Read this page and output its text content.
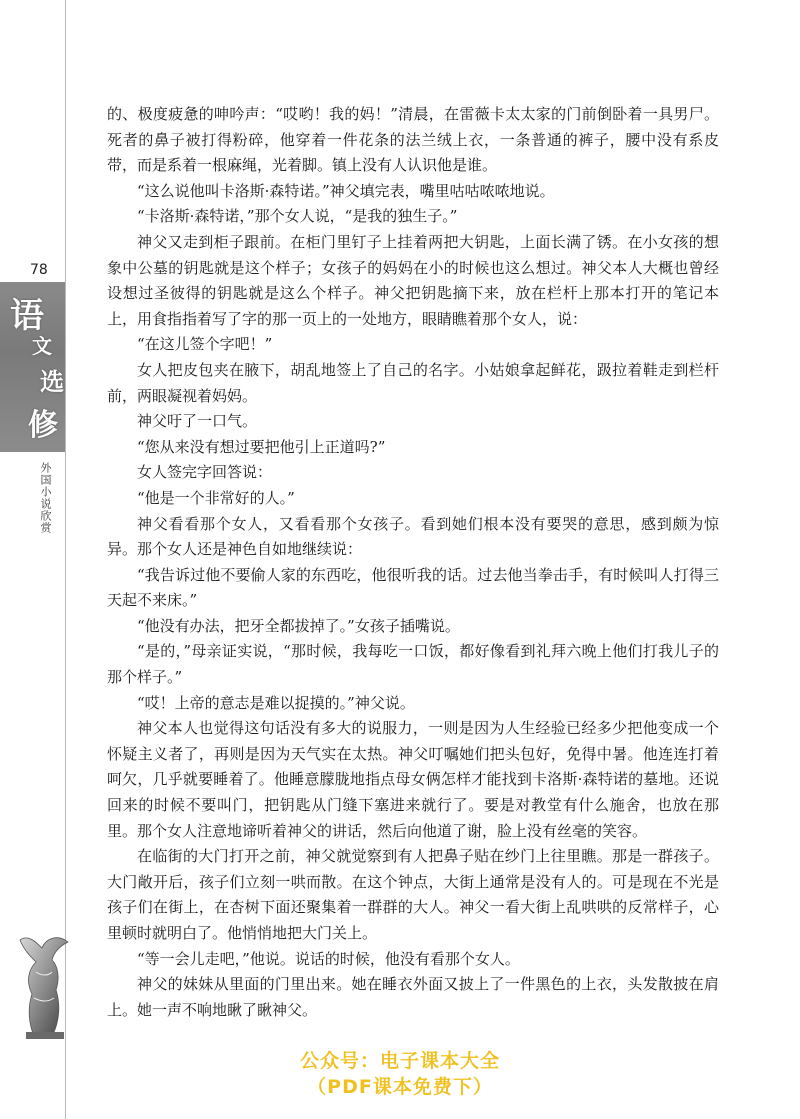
78
语
文
选
修
外国小说欣赏

的、极度疲惫的呻吟声：“哎哟！我的妈！”清晨，在雷薇卡太太家的门前倒卧着一具男尸。死者的鼻子被打得粉碎，他穿着一件花条的法兰绒上衣，一条普通的裤子，腰中没有系皮带，而是系着一根麻绳，光着脚。镇上没有人认识他是谁。

“这么说他叫卡洛斯·森特诺。”神父填完表，嘴里咕咕哝哝地说。

“卡洛斯·森特诺，”那个女人说，“是我的独生子。”

神父又走到柜子跟前。在柜门里钉子上挂着两把大钥匙，上面长满了锈。在小女孩的想象中公墓的钥匙就是这个样子；女孩子的妈妈在小的时候也这么想过。神父本人大概也曾经设想过圣彼得的钥匙就是这么个样子。神父把钥匙摘下来，放在栏杆上那本打开的笔记本上，用食指指着写了字的那一页上的一处地方，眼睛瞧着那个女人，说：

“在这儿签个字吧！”

女人把皮包夹在腋下，胡乱地签上了自己的名字。小姑娘拿起鲜花，趿拉着鞋走到栏杆前，两眼凝视着妈妈。

神父吁了一口气。

“您从来没有想过要把他引上正道吗?”

女人签完字回答说：

“他是一个非常好的人。”

神父看看那个女人，又看看那个女孩子。看到她们根本没有要哭的意思，感到颇为惊异。那个女人还是神色自如地继续说：

“我告诉过他不要偷人家的东西吃，他很听我的话。过去他当拳击手，有时候叫人打得三天起不来床。”

“他没有办法，把牙全都拔掉了。”女孩子插嘴说。

“是的，”母亲证实说，“那时候，我每吃一口饭，都好像看到礼拜六晚上他们打我儿子的那个样子。”

“哎！上帝的意志是难以捉摸的。”神父说。

神父本人也觉得这句话没有多大的说服力，一则是因为人生经验已经多少把他变成一个怀疑主义者了，再则是因为天气实在太热。神父叮嘱她们把头包好，免得中暑。他连连打着呵欠，几乎就要睡着了。他睡意朦胧地指点母女俩怎样才能找到卡洛斯·森特诺的墓地。还说回来的时候不要叫门，把钥匙从门缝下塞进来就行了。要是对教堂有什么施舍，也放在那里。那个女人注意地谛听着神父的讲话，然后向他道了谢，脸上没有丝毫的笑容。

在临街的大门打开之前，神父就觉察到有人把鼻子贴在纱门上往里瞧。那是一群孩子。大门敞开后，孩子们立刻一哄而散。在这个钟点，大街上通常是没有人的。可是现在不光是孩子们在街上，在杏树下面还聚集着一群群的大人。神父一看大街上乱哄哄的反常样子，心里顿时就明白了。他悄悄地把大门关上。

“等一会儿走吧，”他说。说话的时候，他没有看那个女人。

神父的妹妹从里面的门里出来。她在睡衣外面又披上了一件黑色的上衣，头发散披在肩上。她一声不响地瞅了瞅神父。

公众号：电子课本大全
（PDF课本免费下）
